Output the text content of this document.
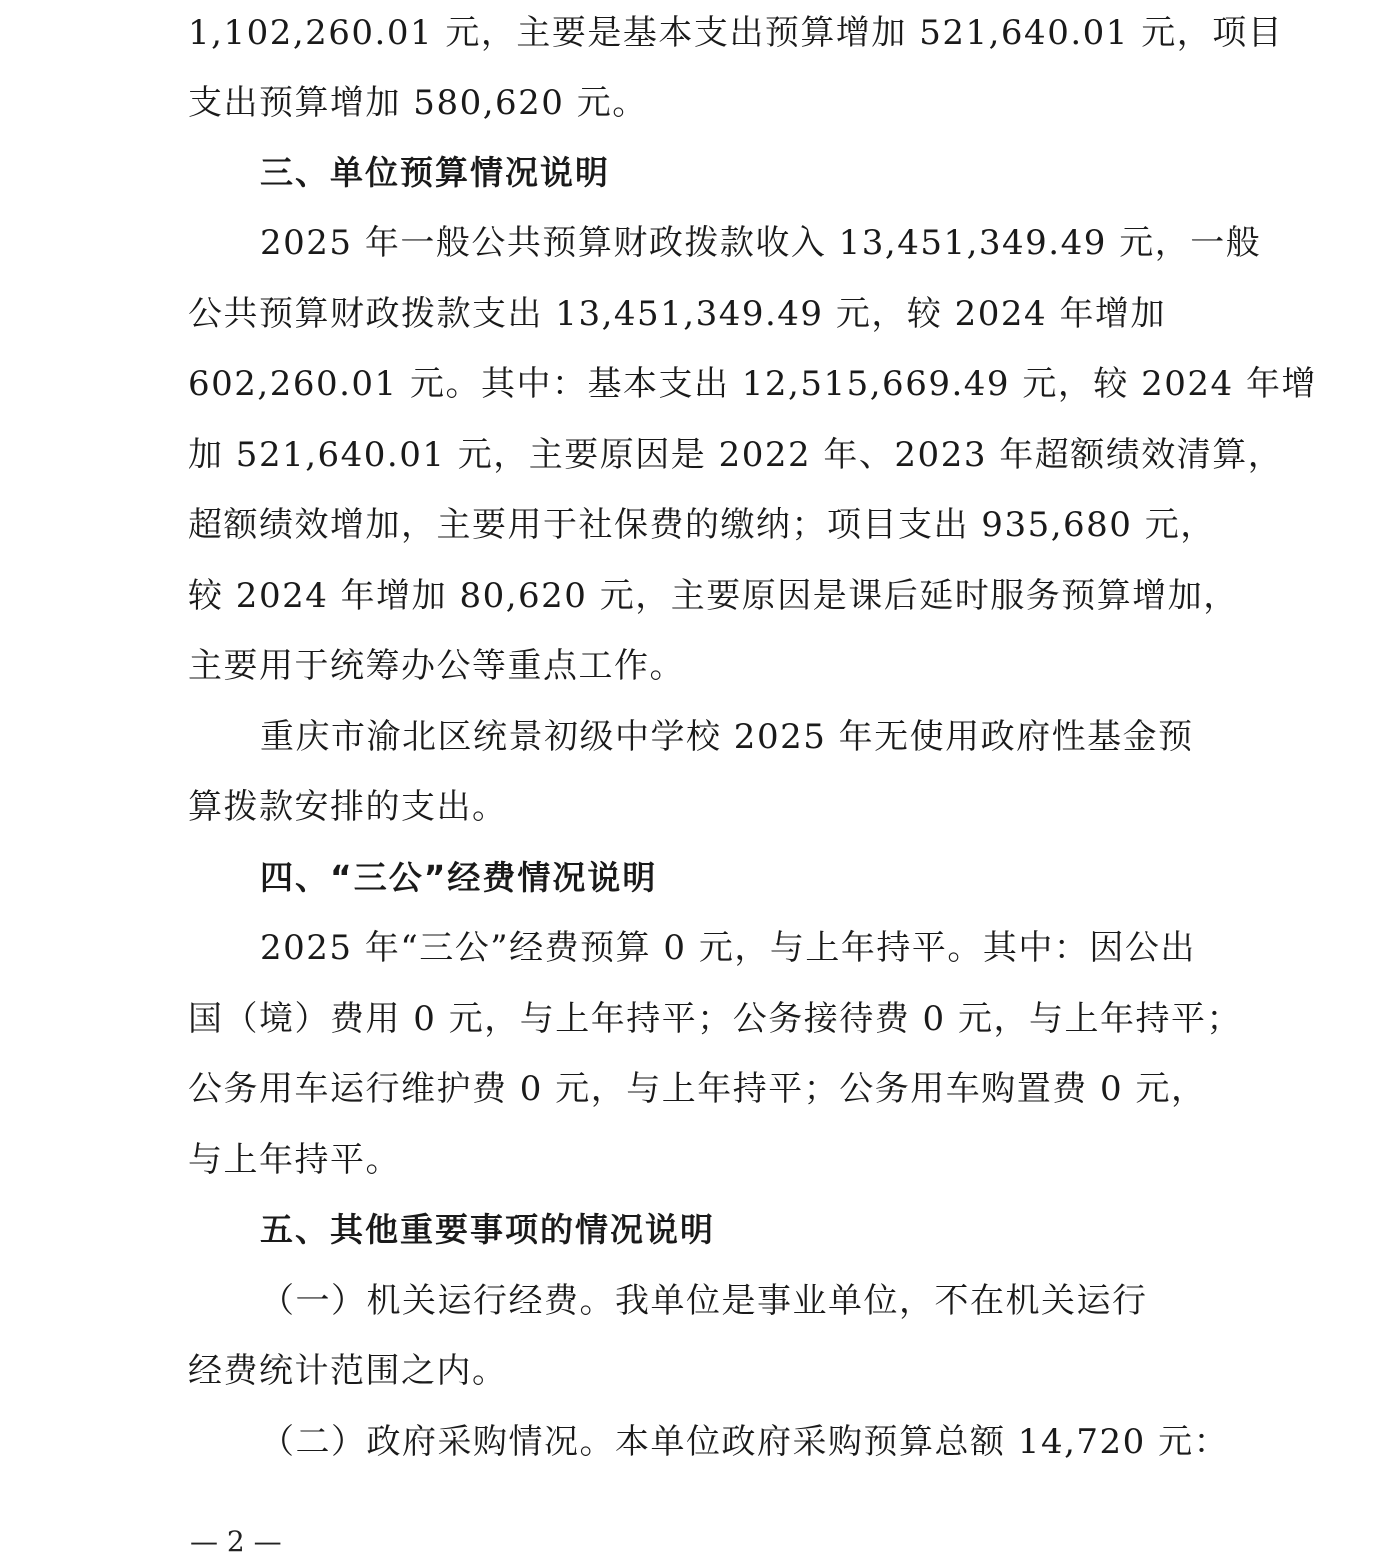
1,102,260.01 元，主要是基本支出预算增加 521,640.01 元，项目
支出预算增加 580,620 元。
三、单位预算情况说明
2025 年一般公共预算财政拨款收入 13,451,349.49 元，一般
公共预算财政拨款支出 13,451,349.49 元，较 2024 年增加
602,260.01 元。其中：基本支出 12,515,669.49 元，较 2024 年增
加 521,640.01 元，主要原因是 2022 年、2023 年超额绩效清算，
超额绩效增加，主要用于社保费的缴纳；项目支出 935,680 元，
较 2024 年增加 80,620 元，主要原因是课后延时服务预算增加，
主要用于统筹办公等重点工作。
重庆市渝北区统景初级中学校 2025 年无使用政府性基金预
算拨款安排的支出。
四、“三公”经费情况说明
2025 年“三公”经费预算 0 元，与上年持平。其中：因公出
国（境）费用 0 元，与上年持平；公务接待费 0 元，与上年持平；
公务用车运行维护费 0 元，与上年持平；公务用车购置费 0 元，
与上年持平。
五、其他重要事项的情况说明
（一）机关运行经费。我单位是事业单位，不在机关运行
经费统计范围之内。
（二）政府采购情况。本单位政府采购预算总额 14,720 元：
— 2 —
